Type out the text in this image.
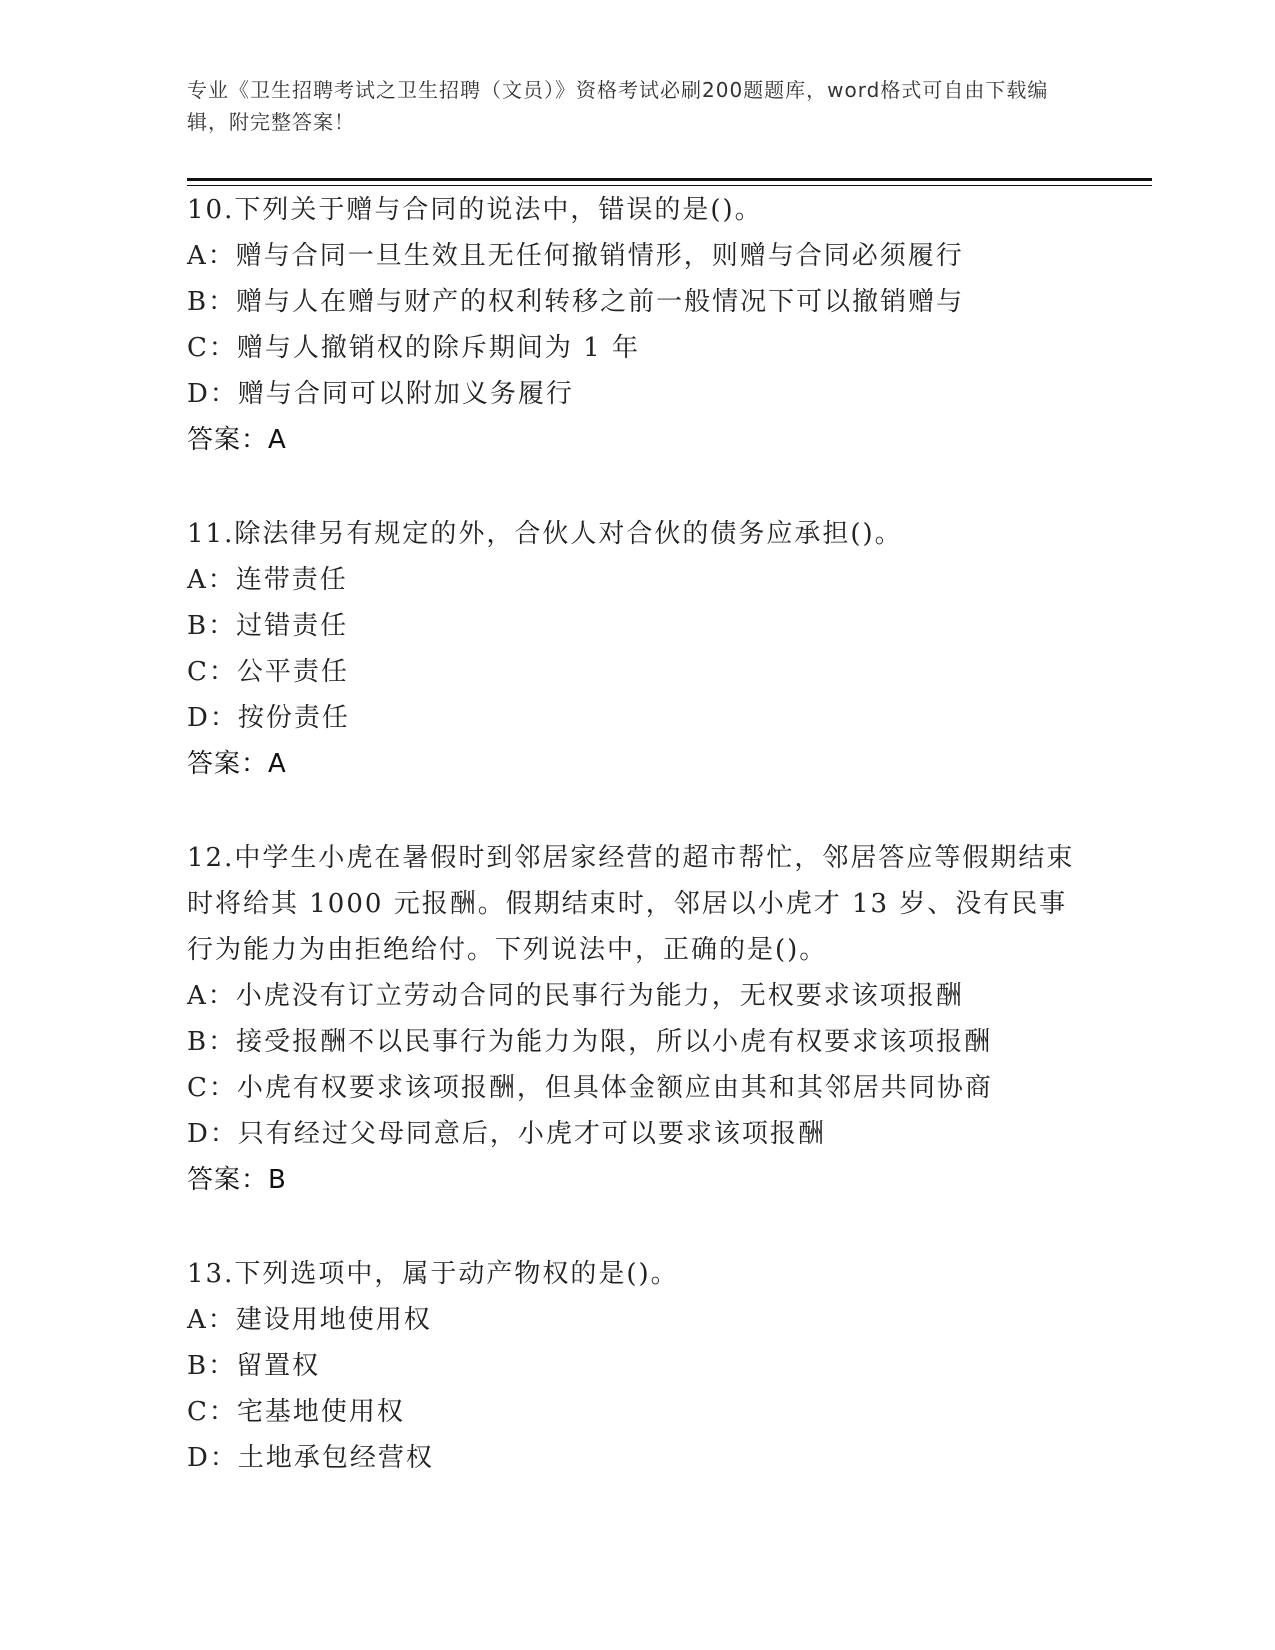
专业《卫生招聘考试之卫生招聘（文员）》资格考试必刷200题题库，word格式可自由下载编辑，附完整答案！
10.下列关于赠与合同的说法中，错误的是()。
A：赠与合同一旦生效且无任何撤销情形，则赠与合同必须履行
B：赠与人在赠与财产的权利转移之前一般情况下可以撤销赠与
C：赠与人撤销权的除斥期间为 1 年
D：赠与合同可以附加义务履行
答案：A
11.除法律另有规定的外，合伙人对合伙的债务应承担()。
A：连带责任
B：过错责任
C：公平责任
D：按份责任
答案：A
12.中学生小虎在暑假时到邻居家经营的超市帮忙，邻居答应等假期结束时将给其 1000 元报酬。假期结束时，邻居以小虎才 13 岁、没有民事行为能力为由拒绝给付。下列说法中，正确的是()。
A：小虎没有订立劳动合同的民事行为能力，无权要求该项报酬
B：接受报酬不以民事行为能力为限，所以小虎有权要求该项报酬
C：小虎有权要求该项报酬，但具体金额应由其和其邻居共同协商
D：只有经过父母同意后，小虎才可以要求该项报酬
答案：B
13.下列选项中，属于动产物权的是()。
A：建设用地使用权
B：留置权
C：宅基地使用权
D：土地承包经营权
